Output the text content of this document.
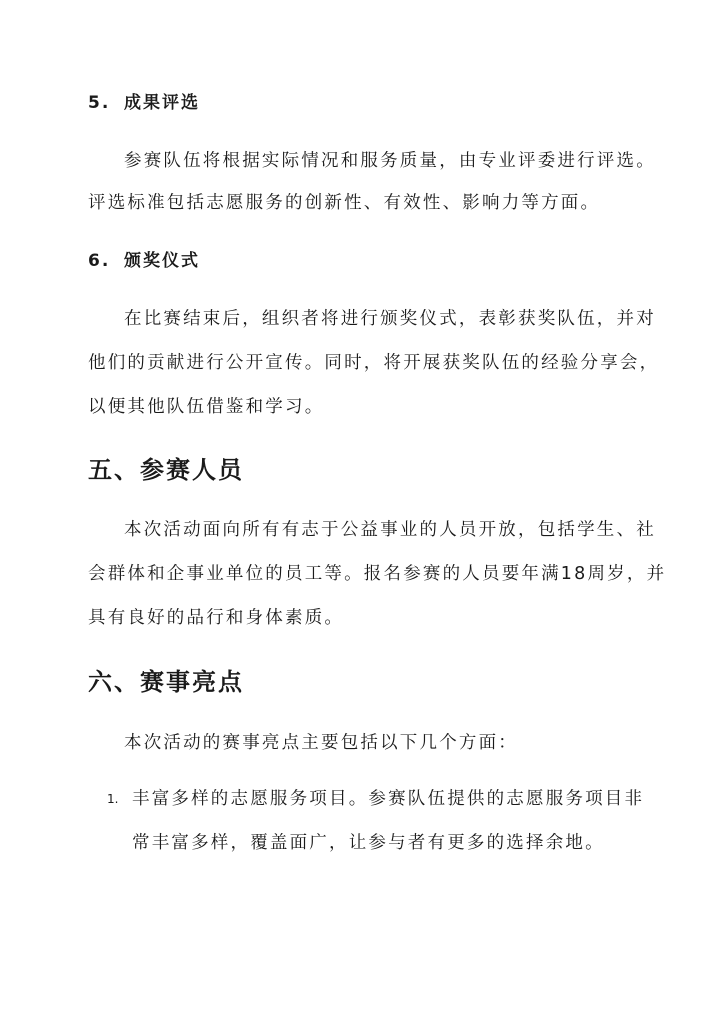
5. 成果评选

参赛队伍将根据实际情况和服务质量，由专业评委进行评选。

评选标准包括志愿服务的创新性、有效性、影响力等方面。

6. 颁奖仪式

在比赛结束后，组织者将进行颁奖仪式，表彰获奖队伍，并对

他们的贡献进行公开宣传。同时，将开展获奖队伍的经验分享会，

以便其他队伍借鉴和学习。

五、参赛人员

本次活动面向所有有志于公益事业的人员开放，包括学生、社

会群体和企事业单位的员工等。报名参赛的人员要年满18周岁，并

具有良好的品行和身体素质。

六、赛事亮点

本次活动的赛事亮点主要包括以下几个方面：

1. 丰富多样的志愿服务项目。参赛队伍提供的志愿服务项目非

常丰富多样，覆盖面广，让参与者有更多的选择余地。
